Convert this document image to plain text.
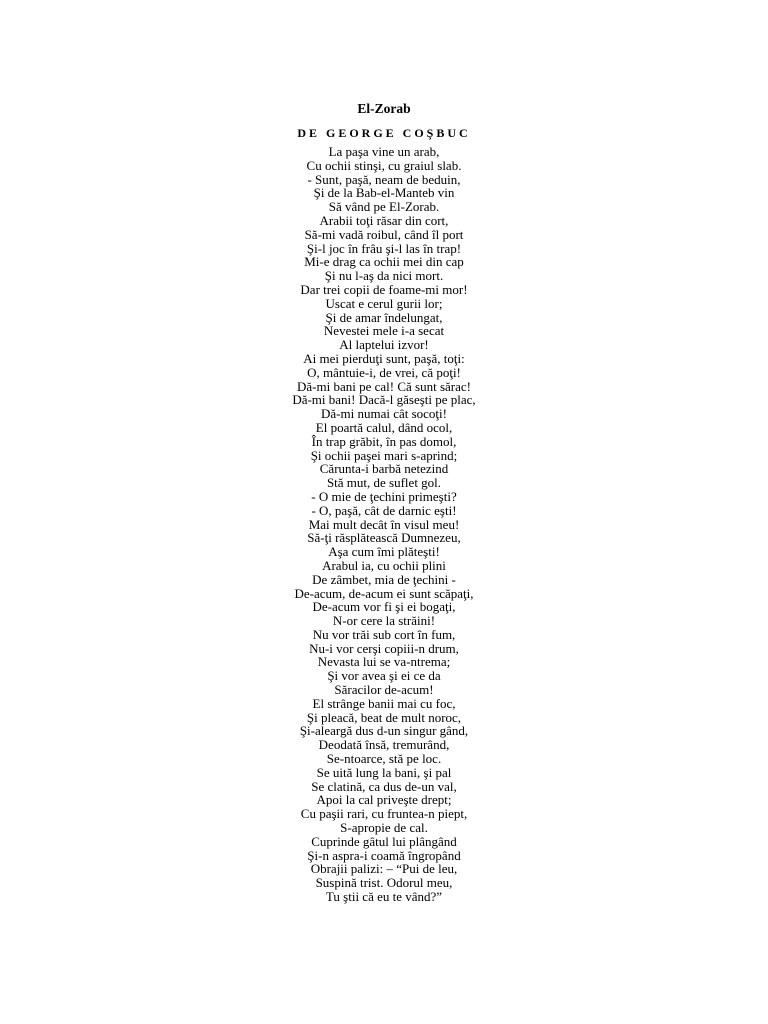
El-Zorab
DE GEORGE COŞBUC
La paşa vine un arab,
Cu ochii stinşi, cu graiul slab.
- Sunt, paşă, neam de beduin,
Şi de la Bab-el-Manteb vin
Să vând pe El-Zorab.
Arabii toţi răsar din cort,
Să-mi vadă roibul, când îl port
Şi-l joc în frâu şi-l las în trap!
Mi-e drag ca ochii mei din cap
Şi nu l-aş da nici mort.
Dar trei copii de foame-mi mor!
Uscat e cerul gurii lor;
Şi de amar îndelungat,
Nevestei mele i-a secat
Al laptelui izvor!
Ai mei pierduţi sunt, paşă, toţi:
O, mântuie-i, de vrei, că poţi!
Dă-mi bani pe cal! Că sunt sărac!
Dă-mi bani! Dacă-l găseşti pe plac,
Dă-mi numai cât socoţi!
El poartă calul, dând ocol,
În trap grăbit, în pas domol,
Şi ochii paşei mari s-aprind;
Cărunta-i barbă netezind
Stă mut, de suflet gol.
- O mie de ţechini primeşti?
- O, paşă, cât de darnic eşti!
Mai mult decât în visul meu!
Să-ţi răsplătească Dumnezeu,
Aşa cum îmi plăteşti!
Arabul ia, cu ochii plini
De zâmbet, mia de ţechini -
De-acum, de-acum ei sunt scăpaţi,
De-acum vor fi şi ei bogaţi,
N-or cere la străini!
Nu vor trăi sub cort în fum,
Nu-i vor cerşi copiii-n drum,
Nevasta lui se va-ntrema;
Şi vor avea şi ei ce da
Săracilor de-acum!
El strânge banii mai cu foc,
Şi pleacă, beat de mult noroc,
Şi-aleargă dus d-un singur gând,
Deodată însă, tremurând,
Se-ntoarce, stă pe loc.
Se uită lung la bani, şi pal
Se clatină, ca dus de-un val,
Apoi la cal priveşte drept;
Cu paşii rari, cu fruntea-n piept,
S-apropie de cal.
Cuprinde gâtul lui plângând
Şi-n aspra-i coamă îngropând
Obrajii palizi: – “Pui de leu,
Suspină trist. Odorul meu,
Tu ştii că eu te vând?”
